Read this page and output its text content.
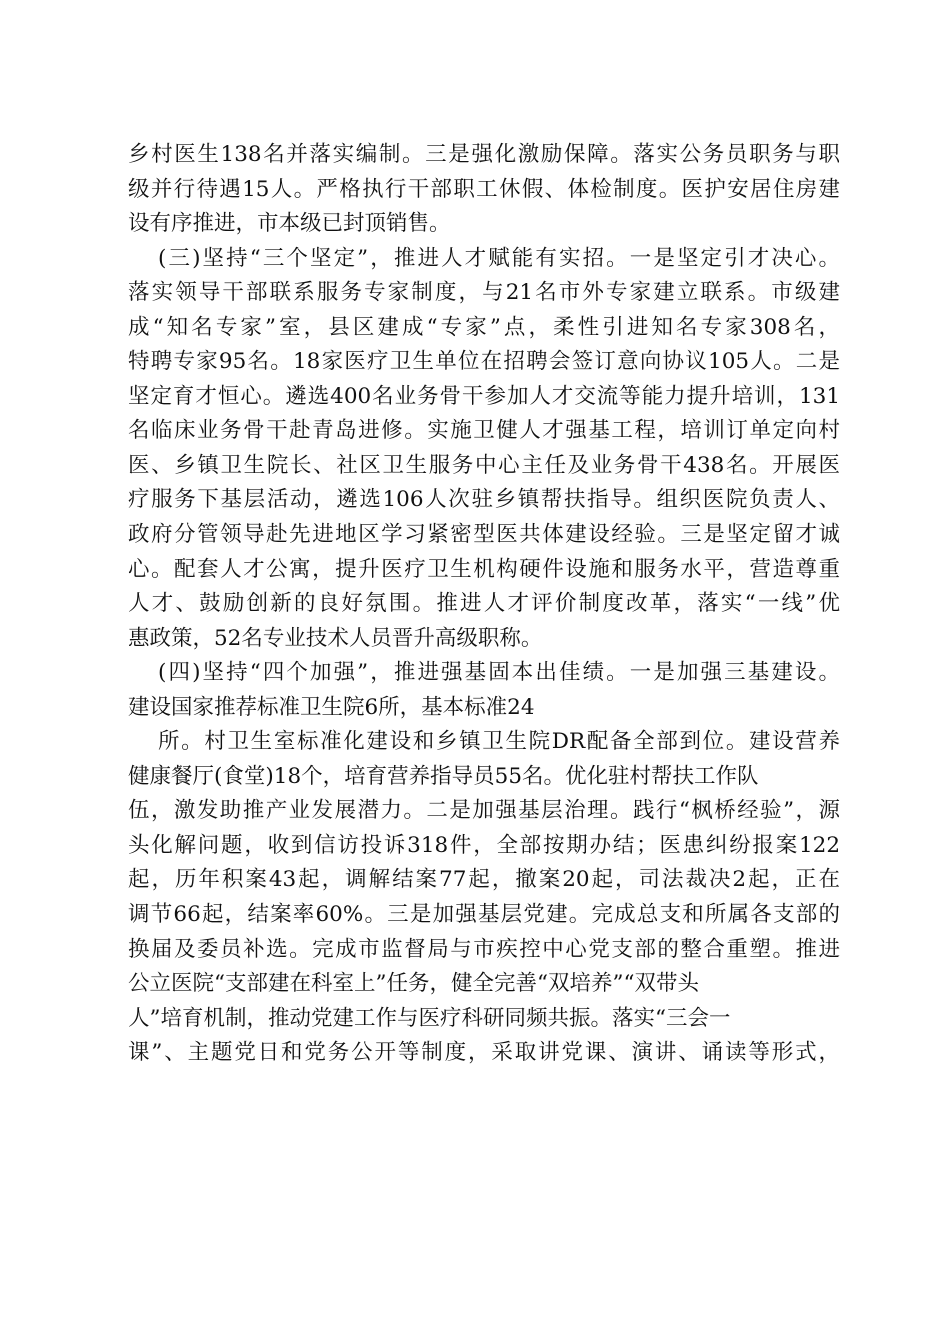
乡村医生138名并落实编制。三是强化激励保障。落实公务员职务与职
级并行待遇15人。严格执行干部职工休假、体检制度。医护安居住房建
设有序推进，市本级已封顶销售。
(三)坚持“三个坚定”，推进人才赋能有实招。一是坚定引才决心。
落实领导干部联系服务专家制度，与21名市外专家建立联系。市级建
成“知名专家”室，县区建成“专家”点，柔性引进知名专家308名，
特聘专家95名。18家医疗卫生单位在招聘会签订意向协议105人。二是
坚定育才恒心。遴选400名业务骨干参加人才交流等能力提升培训，131
名临床业务骨干赴青岛进修。实施卫健人才强基工程，培训订单定向村
医、乡镇卫生院长、社区卫生服务中心主任及业务骨干438名。开展医
疗服务下基层活动，遴选106人次驻乡镇帮扶指导。组织医院负责人、
政府分管领导赴先进地区学习紧密型医共体建设经验。三是坚定留才诚
心。配套人才公寓，提升医疗卫生机构硬件设施和服务水平，营造尊重
人才、鼓励创新的良好氛围。推进人才评价制度改革，落实“一线”优
惠政策，52名专业技术人员晋升高级职称。
(四)坚持“四个加强”，推进强基固本出佳绩。一是加强三基建设。
建设国家推荐标准卫生院6所，基本标准24
所。村卫生室标准化建设和乡镇卫生院DR配备全部到位。建设营养
健康餐厅(食堂)18个，培育营养指导员55名。优化驻村帮扶工作队
伍，激发助推产业发展潜力。二是加强基层治理。践行“枫桥经验”，源
头化解问题，收到信访投诉318件，全部按期办结；医患纠纷报案122
起，历年积案43起，调解结案77起，撤案20起，司法裁决2起，正在
调节66起，结案率60%。三是加强基层党建。完成总支和所属各支部的
换届及委员补选。完成市监督局与市疾控中心党支部的整合重塑。推进
公立医院“支部建在科室上”任务，健全完善“双培养”“双带头
人”培育机制，推动党建工作与医疗科研同频共振。落实“三会一
课”、主题党日和党务公开等制度，采取讲党课、演讲、诵读等形式，
